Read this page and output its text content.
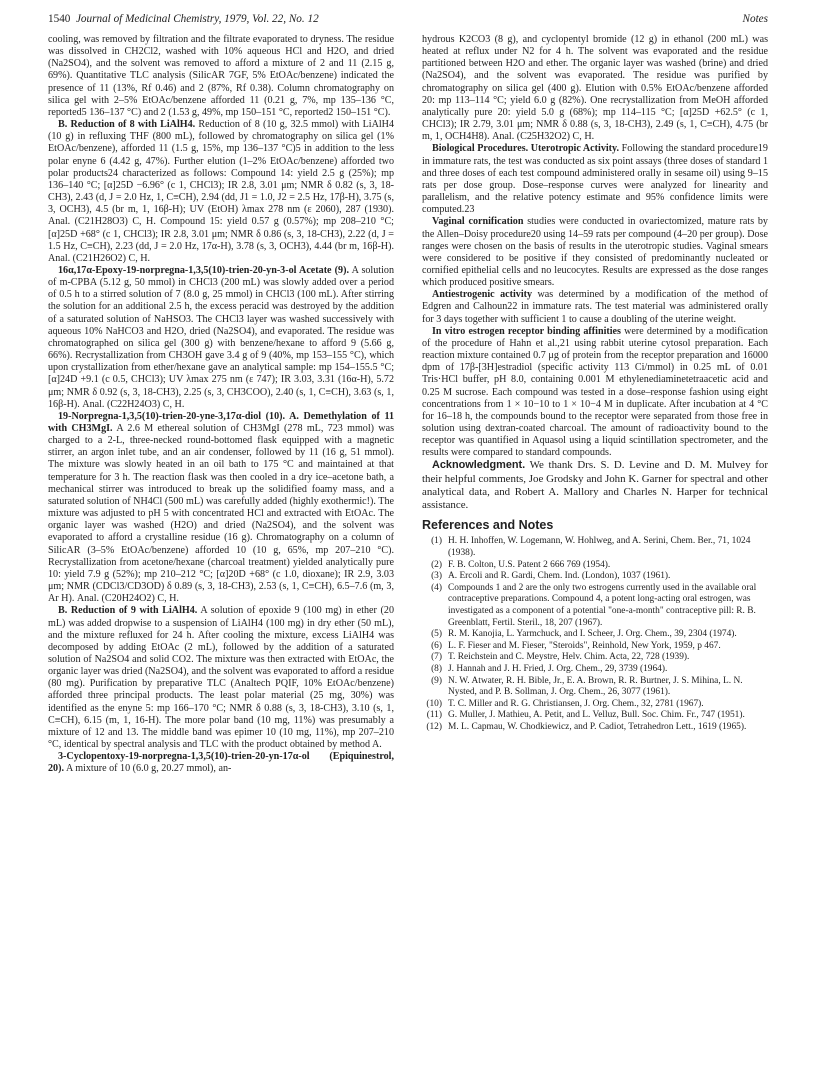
1540 Journal of Medicinal Chemistry, 1979, Vol. 22, No. 12	Notes

cooling, was removed by filtration and the filtrate evaporated to dryness. The residue was dissolved in CH2Cl2, washed with 10% aqueous HCl and H2O, and dried (Na2SO4), and the solvent was removed to afford a mixture of 2 and 11 (2.15 g, 69%). Quantitative TLC analysis (SilicAR 7GF, 5% EtOAc/benzene) indicated the presence of 11 (13%, Rf 0.46) and 2 (87%, Rf 0.38). Column chromatography on silica gel with 2–5% EtOAc/benzene afforded 11 (0.21 g, 7%, mp 135–136 °C, reported5 136–137 °C) and 2 (1.53 g, 49%, mp 150–151 °C, reported2 150–151 °C).

B. Reduction of 8 with LiAlH4. Reduction of 8 (10 g, 32.5 mmol) with LiAlH4 (10 g) in refluxing THF (800 mL), followed by chromatography on silica gel (1% EtOAc/benzene), afforded 11 (1.5 g, 15%, mp 136–137 °C)5 in addition to the less polar enyne 6 (4.42 g, 47%). Further elution (1–2% EtOAc/benzene) afforded two polar products24 characterized as follows: Compound 14: yield 2.5 g (25%); mp 136–140 °C; [α]25D −6.96° (c 1, CHCl3); IR 2.8, 3.01 μm; NMR δ 0.82 (s, 3, 18-CH3), 2.43 (d, J = 2.0 Hz, 1, C≡CH), 2.94 (dd, J1 = 1.0, J2 = 2.5 Hz, 17β-H), 3.75 (s, 3, OCH3), 4.5 (br m, 1, 16β-H); UV (EtOH) λmax 278 nm (ε 2060), 287 (1930). Anal. (C21H28O3) C, H. Compound 15: yield 0.57 g (0.57%); mp 208–210 °C; [α]25D +68° (c 1, CHCl3); IR 2.8, 3.01 μm; NMR δ 0.86 (s, 3, 18-CH3), 2.22 (d, J = 1.5 Hz, C≡CH), 2.23 (dd, J = 2.0 Hz, 17α-H), 3.78 (s, 3, OCH3), 4.44 (br m, 16β-H). Anal. (C21H26O2) C, H.

16α,17α-Epoxy-19-norpregna-1,3,5(10)-trien-20-yn-3-ol Acetate (9). A solution of m-CPBA (5.12 g, 50 mmol) in CHCl3 (200 mL) was slowly added over a period of 0.5 h to a stirred solution of 7 (8.0 g, 25 mmol) in CHCl3 (100 mL). After stirring the solution for an additional 2.5 h, the excess peracid was destroyed by the addition of a saturated solution of NaHSO3. The CHCl3 layer was washed successively with aqueous 10% NaHCO3 and H2O, dried (Na2SO4), and evaporated. The residue was chromatographed on silica gel (300 g) with benzene/hexane to afford 9 (5.66 g, 66%). Recrystallization from CH3OH gave 3.4 g of 9 (40%, mp 153–155 °C), which upon crystallization from ether/hexane gave an analytical sample: mp 154–155.5 °C; [α]24D +9.1 (c 0.5, CHCl3); UV λmax 275 nm (ε 747); IR 3.03, 3.31 (16α-H), 5.72 μm; NMR δ 0.92 (s, 3, 18-CH3), 2.25 (s, 3, CH3COO), 2.40 (s, 1, C≡CH), 3.63 (s, 1, 16β-H). Anal. (C22H24O3) C, H.

19-Norpregna-1,3,5(10)-trien-20-yne-3,17α-diol (10). A. Demethylation of 11 with CH3MgI. A 2.6 M ethereal solution of CH3MgI (278 mL, 723 mmol) was charged to a 2-L, three-necked round-bottomed flask equipped with a magnetic stirrer, an argon inlet tube, and an air condenser, followed by 11 (16 g, 51 mmol). The mixture was slowly heated in an oil bath to 175 °C and maintained at that temperature for 3 h. The reaction flask was then cooled in a dry ice–acetone bath, a mechanical stirrer was introduced to break up the solidified foamy mass, and a saturated solution of NH4Cl (500 mL) was carefully added (highly exothermic!). The mixture was adjusted to pH 5 with concentrated HCl and extracted with EtOAc. The organic layer was washed (H2O) and dried (Na2SO4), and the solvent was evaporated to afford a crystalline residue (16 g). Chromatography on a column of SilicAR (3–5% EtOAc/benzene) afforded 10 (10 g, 65%, mp 207–210 °C). Recrystallization from acetone/hexane (charcoal treatment) yielded analytically pure 10: yield 7.9 g (52%); mp 210–212 °C; [α]20D +68° (c 1.0, dioxane); IR 2.9, 3.03 μm; NMR (CDCl3/CD3OD) δ 0.89 (s, 3, 18-CH3), 2.53 (s, 1, C≡CH), 6.5–7.6 (m, 3, Ar H). Anal. (C20H24O2) C, H.

B. Reduction of 9 with LiAlH4. A solution of epoxide 9 (100 mg) in ether (20 mL) was added dropwise to a suspension of LiAlH4 (100 mg) in dry ether (50 mL), and the mixture refluxed for 24 h. After cooling the mixture, excess LiAlH4 was decomposed by adding EtOAc (2 mL), followed by the addition of a saturated solution of Na2SO4 and solid CO2. The mixture was then extracted with EtOAc, the organic layer was dried (Na2SO4), and the solvent was evaporated to afford a residue (80 mg). Purification by preparative TLC (Analtech PQIF, 10% EtOAc/benzene) afforded three principal products. The least polar material (25 mg, 30%) was identified as the enyne 5: mp 166–170 °C; NMR δ 0.88 (s, 3, 18-CH3), 3.10 (s, 1, C≡CH), 6.15 (m, 1, 16-H). The more polar band (10 mg, 11%) was presumably a mixture of 12 and 13. The middle band was epimer 10 (10 mg, 11%), mp 207–210 °C, identical by spectral analysis and TLC with the product obtained by method A.

3-Cyclopentoxy-19-norpregna-1,3,5(10)-trien-20-yn-17α-ol (Epiquinestrol, 20). A mixture of 10 (6.0 g, 20.27 mmol), an-

hydrous K2CO3 (8 g), and cyclopentyl bromide (12 g) in ethanol (200 mL) was heated at reflux under N2 for 4 h. The solvent was evaporated and the residue partitioned between H2O and ether. The organic layer was washed (brine) and dried (Na2SO4), and the solvent was evaporated. The residue was purified by chromatography on silica gel (400 g). Elution with 0.5% EtOAc/benzene afforded 20: mp 113–114 °C; yield 6.0 g (82%). One recrystallization from MeOH afforded analytically pure 20: yield 5.0 g (68%); mp 114–115 °C; [α]25D +62.5° (c 1, CHCl3); IR 2.79, 3.01 μm; NMR δ 0.88 (s, 3, 18-CH3), 2.49 (s, 1, C≡CH), 4.75 (br m, 1, OCH4H8). Anal. (C25H32O2) C, H.

Biological Procedures. Uterotropic Activity. Following the standard procedure19 in immature rats, the test was conducted as six point assays (three doses of standard 1 and three doses of each test compound administered orally in sesame oil) using 9–15 rats per dose group. Dose–response curves were analyzed for linearity and parallelism, and the relative potency estimate and 95% confidence limits were computed.23

Vaginal cornification studies were conducted in ovariectomized, mature rats by the Allen–Doisy procedure20 using 14–59 rats per compound (4–20 per group). Dose ranges were chosen on the basis of results in the uterotropic studies. Vaginal smears were considered to be positive if they consisted of predominantly nucleated or cornified epithelial cells and no leucocytes. Results are expressed as the dose ranges which produced positive smears.

Antiestrogenic activity was determined by a modification of the method of Edgren and Calhoun22 in immature rats. The test material was administered orally for 3 days together with sufficient 1 to cause a doubling of the uterine weight.

In vitro estrogen receptor binding affinities were determined by a modification of the procedure of Hahn et al.,21 using rabbit uterine cytosol preparation. Each reaction mixture contained 0.7 μg of protein from the receptor preparation and 16000 dpm of 17β-[3H]estradiol (specific activity 113 Ci/mmol) in 0.25 mL of 0.01 Tris·HCl buffer, pH 8.0, containing 0.001 M ethylenediaminetetraacetic acid and 0.25 M sucrose. Each compound was tested in a dose–response fashion using eight concentrations from 1 × 10−10 to 1 × 10−4 M in duplicate. After incubation at 4 °C for 16–18 h, the compounds bound to the receptor were separated from those free in solution using dextran-coated charcoal. The amount of radioactivity bound to the receptor was quantified in Aquasol using a liquid scintillation spectrometer, and the results were compared to standard compounds.

Acknowledgment. We thank Drs. S. D. Levine and D. M. Mulvey for their helpful comments, Joe Grodsky and John K. Garner for spectral and other analytical data, and Robert A. Mallory and Charles N. Harper for technical assistance.

References and Notes
(1) H. H. Inhoffen, W. Logemann, W. Hohlweg, and A. Serini, Chem. Ber., 71, 1024 (1938).
(2) F. B. Colton, U.S. Patent 2 666 769 (1954).
(3) A. Ercoli and R. Gardi, Chem. Ind. (London), 1037 (1961).
(4) Compounds 1 and 2 are the only two estrogens currently used in the available oral contraceptive preparations. Compound 4, a potent long-acting oral estrogen, was investigated as a component of a potential "one-a-month" contraceptive pill: R. B. Greenblatt, Fertil. Steril., 18, 207 (1967).
(5) R. M. Kanojia, L. Yarmchuck, and I. Scheer, J. Org. Chem., 39, 2304 (1974).
(6) L. F. Fieser and M. Fieser, "Steroids", Reinhold, New York, 1959, p 467.
(7) T. Reichstein and C. Meystre, Helv. Chim. Acta, 22, 728 (1939).
(8) J. Hannah and J. H. Fried, J. Org. Chem., 29, 3739 (1964).
(9) N. W. Atwater, R. H. Bible, Jr., E. A. Brown, R. R. Burtner, J. S. Mihina, L. N. Nysted, and P. B. Sollman, J. Org. Chem., 26, 3077 (1961).
(10) T. C. Miller and R. G. Christiansen, J. Org. Chem., 32, 2781 (1967).
(11) G. Muller, J. Mathieu, A. Petit, and L. Velluz, Bull. Soc. Chim. Fr., 747 (1951).
(12) M. L. Capmau, W. Chodkiewicz, and P. Cadiot, Tetrahedron Lett., 1619 (1965).
